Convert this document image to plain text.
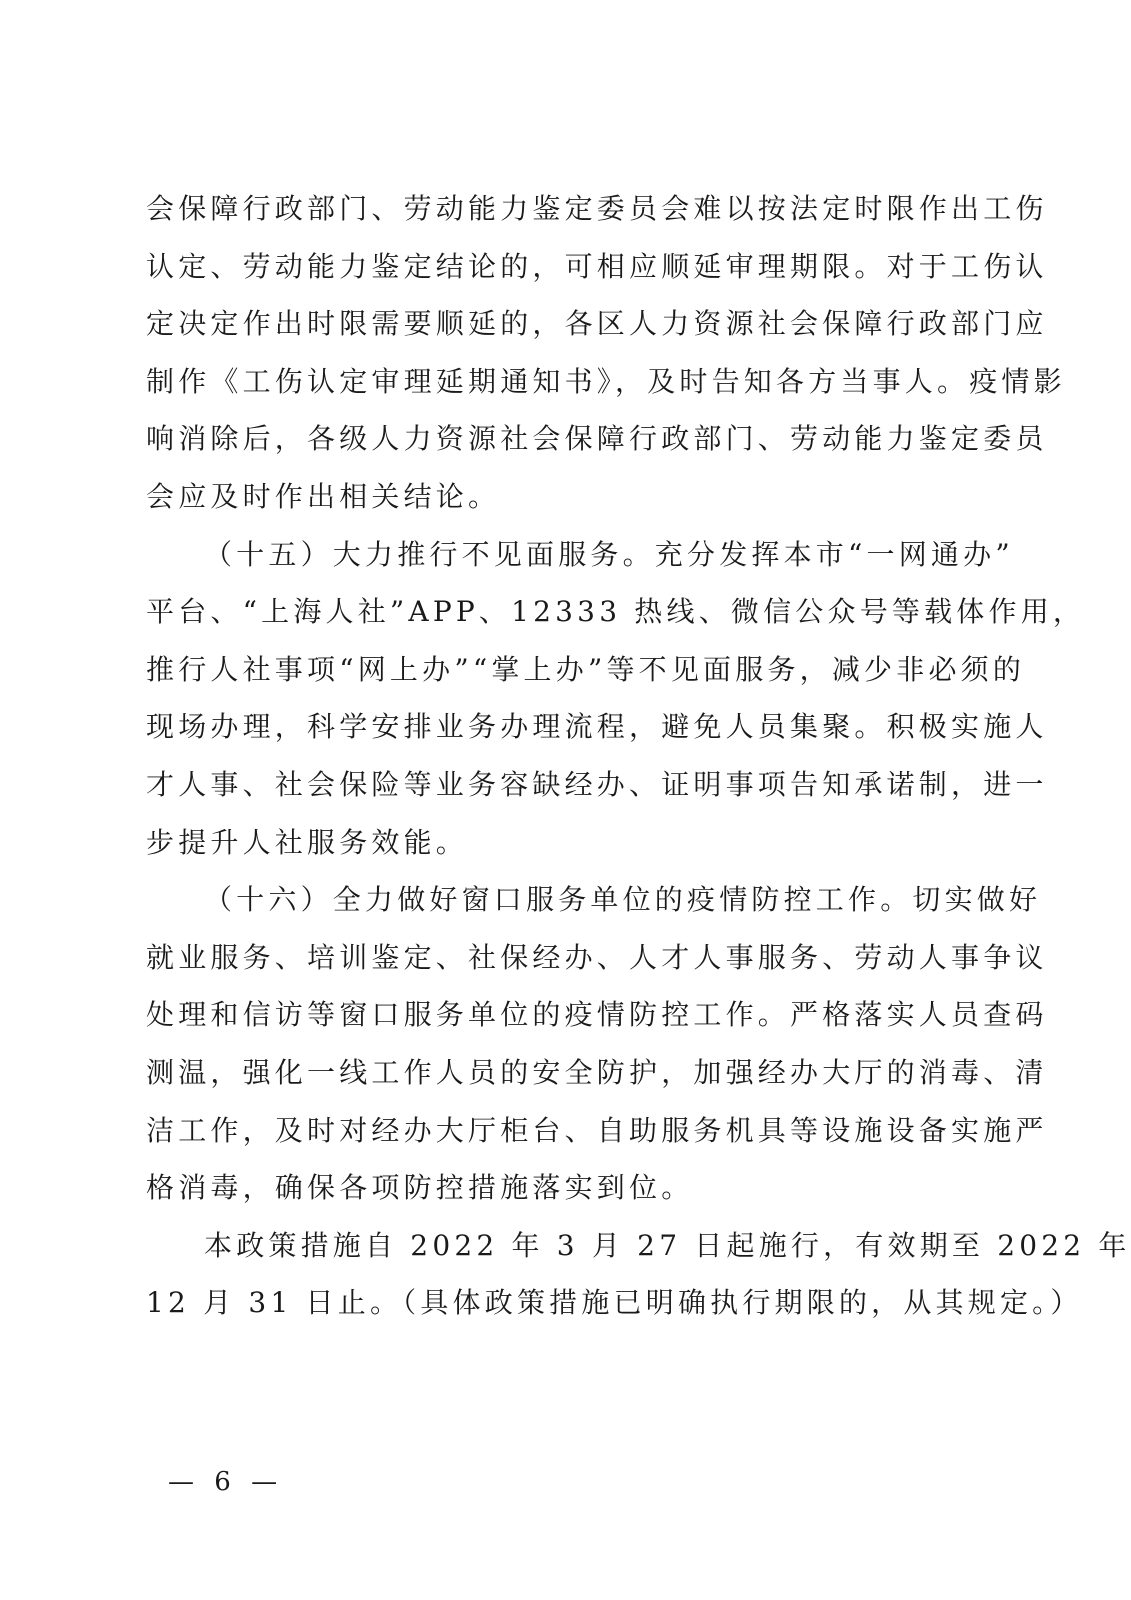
会保障行政部门、劳动能力鉴定委员会难以按法定时限作出工伤
认定、劳动能力鉴定结论的，可相应顺延审理期限。对于工伤认
定决定作出时限需要顺延的，各区人力资源社会保障行政部门应
制作《工伤认定审理延期通知书》，及时告知各方当事人。疫情影
响消除后，各级人力资源社会保障行政部门、劳动能力鉴定委员
会应及时作出相关结论。
（十五）大力推行不见面服务。充分发挥本市“一网通办”
平台、“上海人社”APP、12333 热线、微信公众号等载体作用，
推行人社事项“网上办”“掌上办”等不见面服务，减少非必须的
现场办理，科学安排业务办理流程，避免人员集聚。积极实施人
才人事、社会保险等业务容缺经办、证明事项告知承诺制，进一
步提升人社服务效能。
（十六）全力做好窗口服务单位的疫情防控工作。切实做好
就业服务、培训鉴定、社保经办、人才人事服务、劳动人事争议
处理和信访等窗口服务单位的疫情防控工作。严格落实人员查码
测温，强化一线工作人员的安全防护，加强经办大厅的消毒、清
洁工作，及时对经办大厅柜台、自助服务机具等设施设备实施严
格消毒，确保各项防控措施落实到位。
本政策措施自 2022 年 3 月 27 日起施行，有效期至 2022 年
12 月 31 日止。（具体政策措施已明确执行期限的，从其规定。）
— 6 —
